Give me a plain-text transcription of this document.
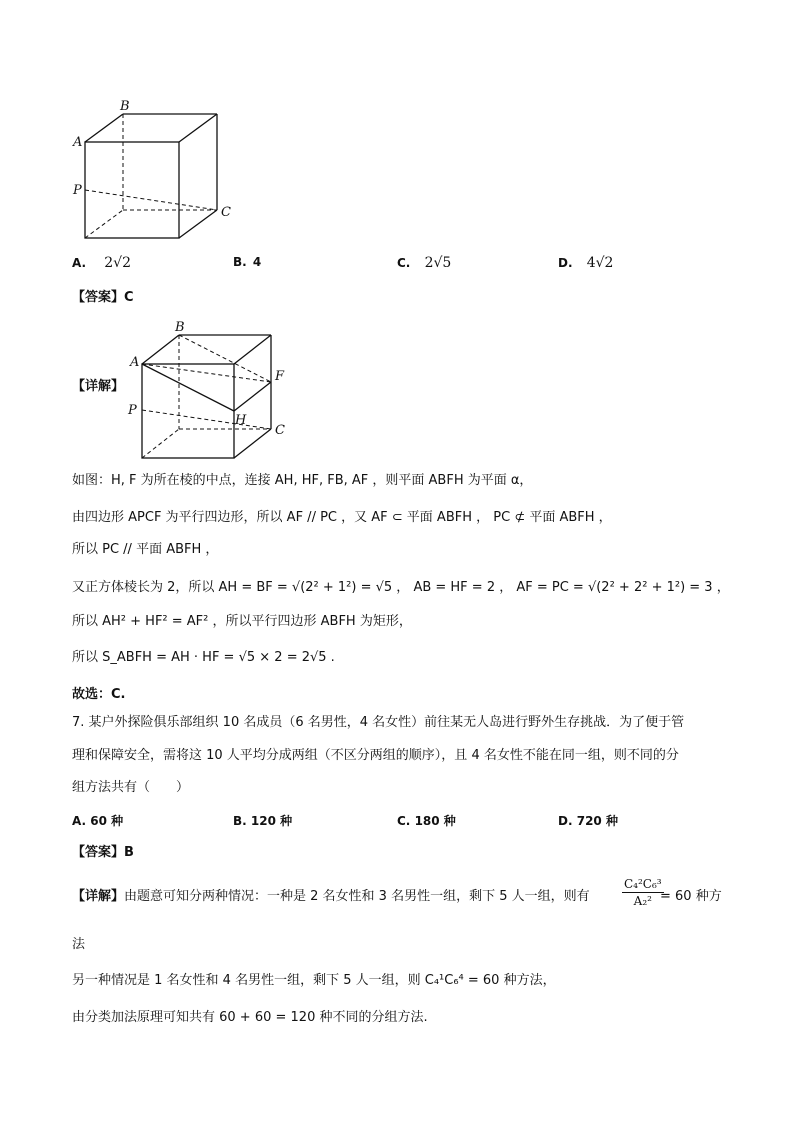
B
A
P
C
A. 2√2	B. 4	C. 2√5	D. 4√2
【答案】C
【详解】
B
A
F
H
P
C
如图：H, F 为所在棱的中点，连接 AH, HF, FB, AF ，则平面 ABFH 为平面 α，
由四边形 APCF 为平行四边形，所以 AF // PC ，又 AF ⊂ 平面 ABFH ， PC ⊄ 平面 ABFH ，
所以 PC // 平面 ABFH ，
又正方体棱长为 2，所以 AH = BF = √(2² + 1²) = √5 ， AB = HF = 2 ， AF = PC = √(2² + 2² + 1²) = 3 ，
所以 AH² + HF² = AF² ，所以平行四边形 ABFH 为矩形，
所以 S_ABFH = AH · HF = √5 × 2 = 2√5 .
故选：C.
7. 某户外探险俱乐部组织 10 名成员（6 名男性，4 名女性）前往某无人岛进行野外生存挑战．为了便于管
理和保障安全，需将这 10 人平均分成两组（不区分两组的顺序），且 4 名女性不能在同一组，则不同的分
组方法共有（　　）
A. 60 种	B. 120 种	C. 180 种	D. 720 种
【答案】B
【详解】由题意可知分两种情况：一种是 2 名女性和 3 名男性一组，剩下 5 人一组，则有	$\frac{\text{C₄²C₆³}}{\text{A₂²}}$
= 60 种方
法
另一种情况是 1 名女性和 4 名男性一组，剩下 5 人一组，则 C₄¹C₆⁴ = 60 种方法，
由分类加法原理可知共有 60 + 60 = 120 种不同的分组方法.
